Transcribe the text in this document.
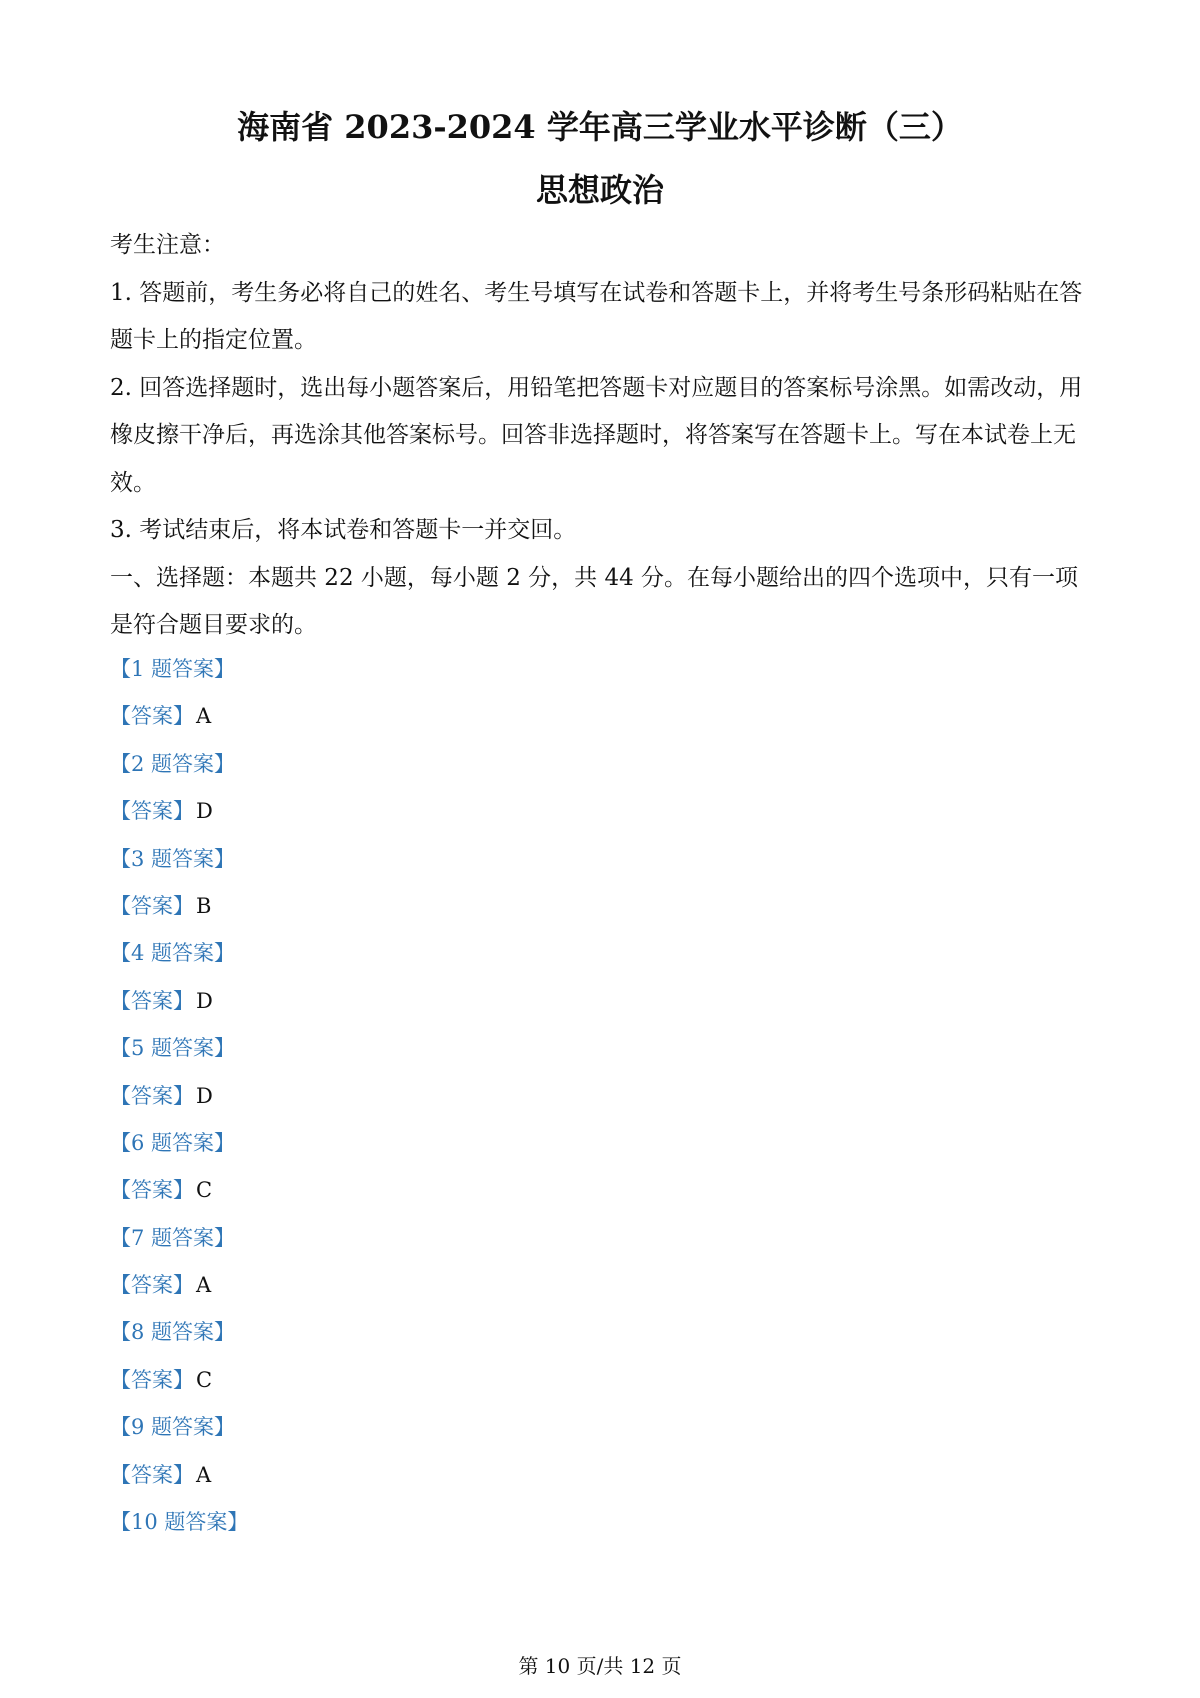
海南省 2023-2024 学年高三学业水平诊断（三）
思想政治

考生注意：

1. 答题前，考生务必将自己的姓名、考生号填写在试卷和答题卡上，并将考生号条形码粘贴在答题卡上的指定位置。

2. 回答选择题时，选出每小题答案后，用铅笔把答题卡对应题目的答案标号涂黑。如需改动，用橡皮擦干净后，再选涂其他答案标号。回答非选择题时，将答案写在答题卡上。写在本试卷上无效。

3. 考试结束后，将本试卷和答题卡一并交回。

一、选择题：本题共 22 小题，每小题 2 分，共 44 分。在每小题给出的四个选项中，只有一项是符合题目要求的。

【1 题答案】
【答案】A
【2 题答案】
【答案】D
【3 题答案】
【答案】B
【4 题答案】
【答案】D
【5 题答案】
【答案】D
【6 题答案】
【答案】C
【7 题答案】
【答案】A
【8 题答案】
【答案】C
【9 题答案】
【答案】A
【10 题答案】
第 10 页/共 12 页
